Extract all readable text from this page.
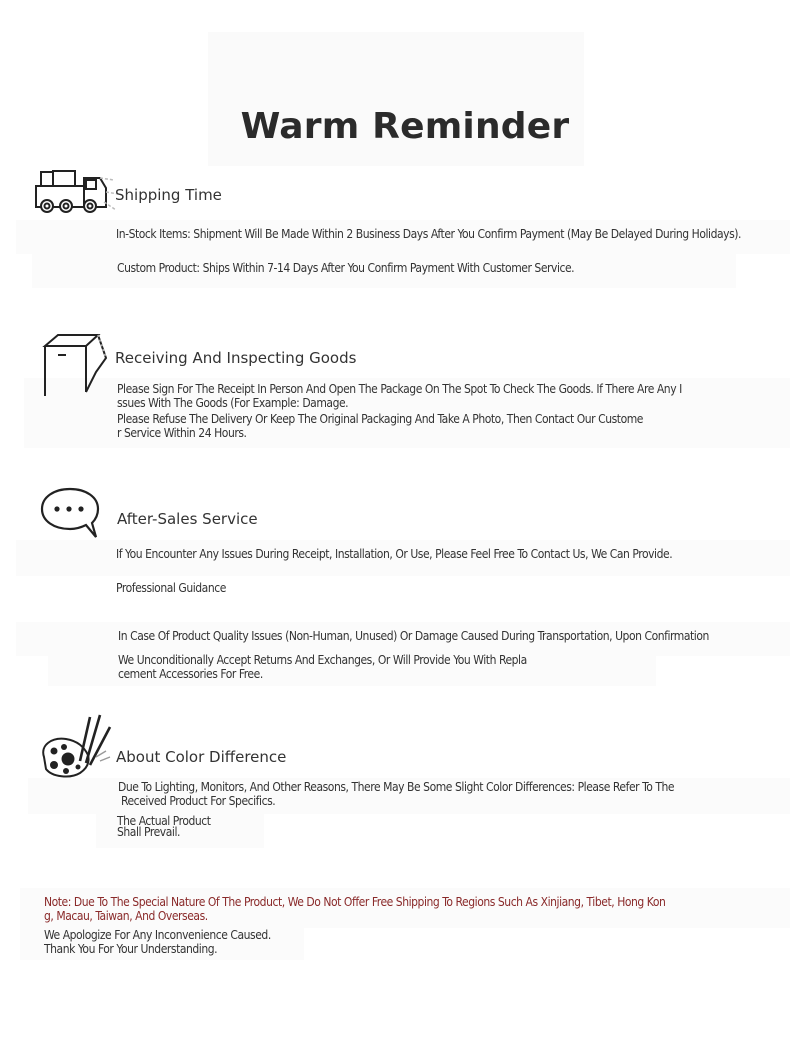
Warm Reminder
Shipping Time
In-Stock Items: Shipment Will Be Made Within 2 Business Days After You Confirm Payment (May Be Delayed During Holidays).
Custom Product: Ships Within 7-14 Days After You Confirm Payment With Customer Service.
Receiving And Inspecting Goods
Please Sign For The Receipt In Person And Open The Package On The Spot To Check The Goods. If There Are Any I
ssues With The Goods (For Example: Damage.
Please Refuse The Delivery Or Keep The Original Packaging And Take A Photo, Then Contact Our Custome
r Service Within 24 Hours.
After-Sales Service
If You Encounter Any Issues During Receipt, Installation, Or Use, Please Feel Free To Contact Us, We Can Provide.
Professional Guidance
In Case Of Product Quality Issues (Non-Human, Unused) Or Damage Caused During Transportation, Upon Confirmation
We Unconditionally Accept Returns And Exchanges, Or Will Provide You With Repla
cement Accessories For Free.
About Color Difference
Due To Lighting, Monitors, And Other Reasons, There May Be Some Slight Color Differences: Please Refer To The
Received Product For Specifics.
The Actual Product
Shall Prevail.
Note: Due To The Special Nature Of The Product, We Do Not Offer Free Shipping To Regions Such As Xinjiang, Tibet, Hong Kon
g, Macau, Taiwan, And Overseas.
We Apologize For Any Inconvenience Caused.
Thank You For Your Understanding.
